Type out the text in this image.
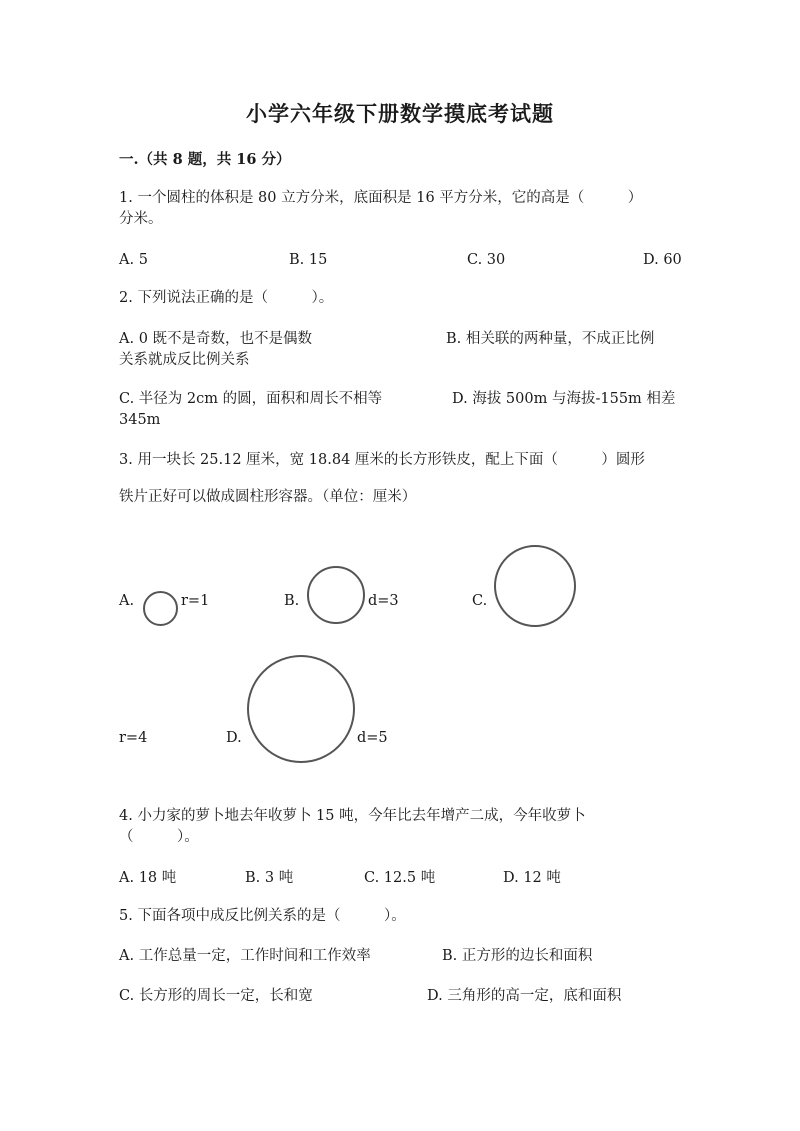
小学六年级下册数学摸底考试题
一.（共 8 题，共 16 分）
1. 一个圆柱的体积是 80 立方分米，底面积是 16 平方分米，它的高是（　　　）
分米。
A. 5	B. 15	C. 30	D. 60
2. 下列说法正确的是（　　　）。
A. 0 既不是奇数，也不是偶数	B. 相关联的两种量，不成正比例
关系就成反比例关系
C. 半径为 2cm 的圆，面积和周长不相等	D. 海拔 500m 与海拔-155m 相差
345m
3. 用一块长 25.12 厘米，宽 18.84 厘米的长方形铁皮，配上下面（　　　）圆形
铁片正好可以做成圆柱形容器。（单位：厘米）
A.	r=1	B.	d=3	C.
r=4	D.	d=5
4. 小力家的萝卜地去年收萝卜 15 吨，今年比去年增产二成，今年收萝卜
（　　　）。
A. 18 吨	B. 3 吨	C. 12.5 吨	D. 12 吨
5. 下面各项中成反比例关系的是（　　　）。
A. 工作总量一定，工作时间和工作效率	B. 正方形的边长和面积
C. 长方形的周长一定，长和宽	D. 三角形的高一定，底和面积
